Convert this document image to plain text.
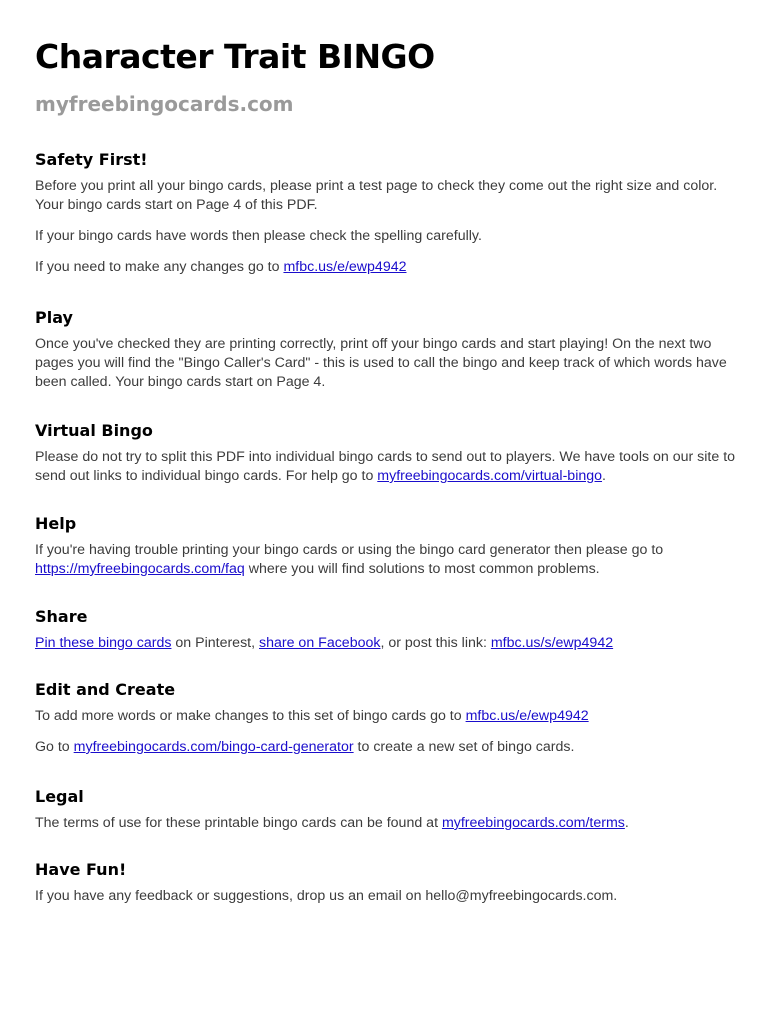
Character Trait BINGO
myfreebingocards.com
Safety First!

Before you print all your bingo cards, please print a test page to check they come out the right size and color. Your bingo cards start on Page 4 of this PDF.

If your bingo cards have words then please check the spelling carefully.

If you need to make any changes go to mfbc.us/e/ewp4942

Play

Once you've checked they are printing correctly, print off your bingo cards and start playing! On the next two pages you will find the "Bingo Caller's Card" - this is used to call the bingo and keep track of which words have been called. Your bingo cards start on Page 4.

Virtual Bingo

Please do not try to split this PDF into individual bingo cards to send out to players. We have tools on our site to send out links to individual bingo cards. For help go to myfreebingocards.com/virtual-bingo.

Help

If you're having trouble printing your bingo cards or using the bingo card generator then please go to https://myfreebingocards.com/faq where you will find solutions to most common problems.

Share

Pin these bingo cards on Pinterest, share on Facebook, or post this link: mfbc.us/s/ewp4942

Edit and Create

To add more words or make changes to this set of bingo cards go to mfbc.us/e/ewp4942

Go to myfreebingocards.com/bingo-card-generator to create a new set of bingo cards.

Legal

The terms of use for these printable bingo cards can be found at myfreebingocards.com/terms.

Have Fun!

If you have any feedback or suggestions, drop us an email on hello@myfreebingocards.com.
